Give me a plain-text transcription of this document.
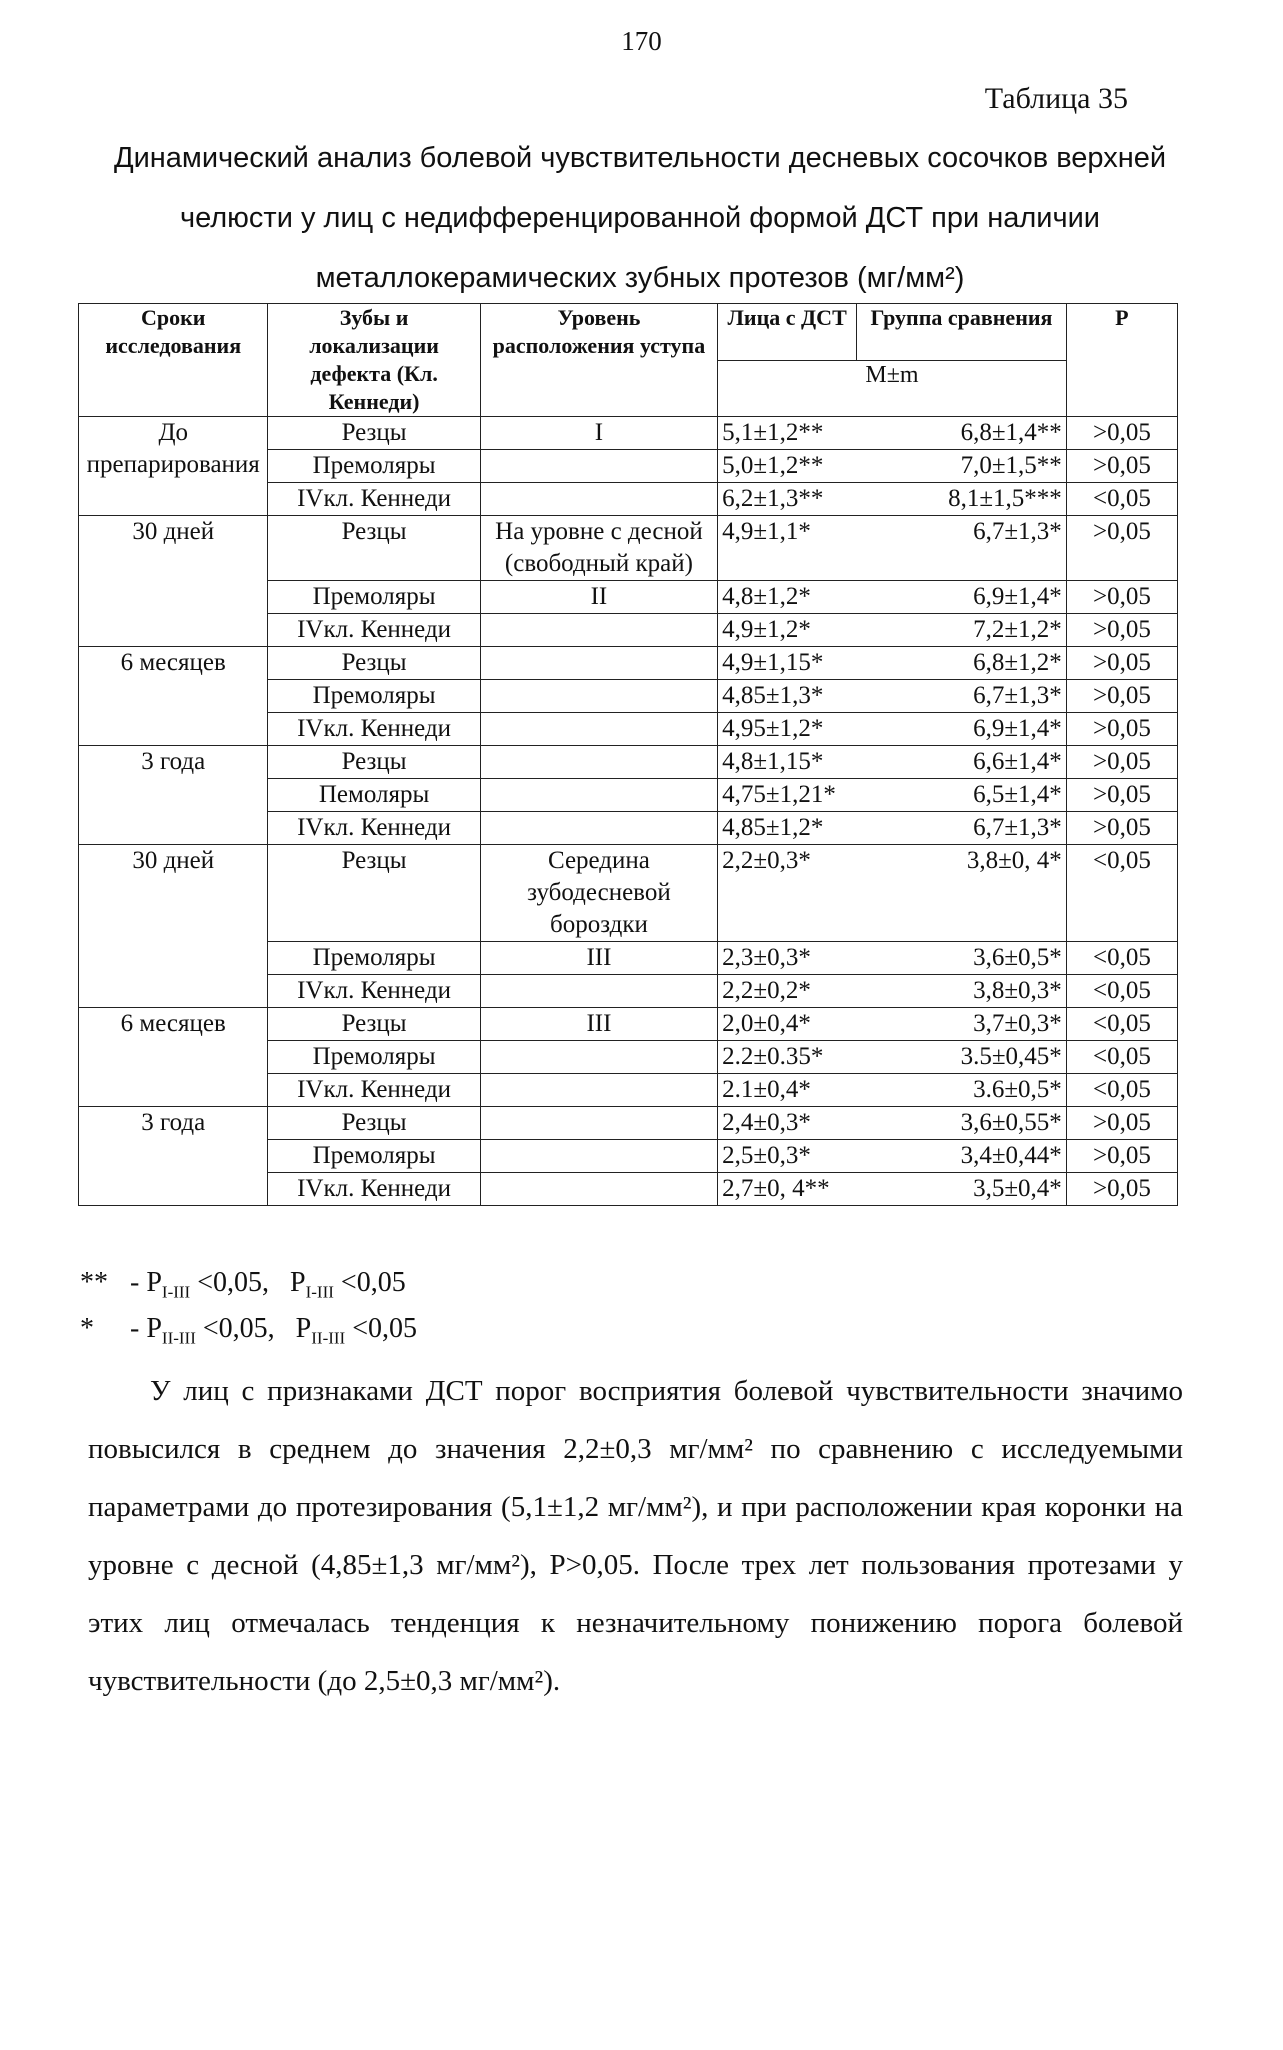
170
Таблица 35
Динамический анализ болевой чувствительности десневых сосочков верхней челюсти у лиц с недифференцированной формой ДСТ при наличии металлокерамических зубных протезов (мг/мм²)
Сроки исследования	Зубы и локализации дефекта (Кл. Кеннеди)	Уровень расположения уступа	Лица с ДСТ	Группа сравнения	P
			M±m		
До препарирования	Резцы	I	5,1±1,2**	6,8±1,4**	>0,05
	Премоляры		5,0±1,2**	7,0±1,5**	>0,05
	IVкл. Кеннеди		6,2±1,3**	8,1±1,5***	<0,05
30 дней	Резцы	На уровне с десной (свободный край)	4,9±1,1*	6,7±1,3*	>0,05
	Премоляры	II	4,8±1,2*	6,9±1,4*	>0,05
	IVкл. Кеннеди		4,9±1,2*	7,2±1,2*	>0,05
6 месяцев	Резцы		4,9±1,15*	6,8±1,2*	>0,05
	Премоляры		4,85±1,3*	6,7±1,3*	>0,05
	IVкл. Кеннеди		4,95±1,2*	6,9±1,4*	>0,05
3 года	Резцы		4,8±1,15*	6,6±1,4*	>0,05
	Пемоляры		4,75±1,21*	6,5±1,4*	>0,05
	IVкл. Кеннеди		4,85±1,2*	6,7±1,3*	>0,05
30 дней	Резцы	Середина зубодесневой бороздки	2,2±0,3*	3,8±0, 4*	<0,05
	Премоляры	III	2,3±0,3*	3,6±0,5*	<0,05
	IVкл. Кеннеди		2,2±0,2*	3,8±0,3*	<0,05
6 месяцев	Резцы	III	2,0±0,4*	3,7±0,3*	<0,05
	Премоляры		2.2±0.35*	3.5±0,45*	<0,05
	IVкл. Кеннеди		2.1±0,4*	3.6±0,5*	<0,05
3 года	Резцы		2,4±0,3*	3,6±0,55*	>0,05
	Премоляры		2,5±0,3*	3,4±0,44*	>0,05
	IVкл. Кеннеди		2,7±0, 4**	3,5±0,4*	>0,05
** - $P_{I-III} <0,05$, $P_{I-III} <0,05$
* - $P_{II-III} <0,05$, $P_{II-III} <0,05$
У лиц с признаками ДСТ порог восприятия болевой чувствительности значимо повысился в среднем до значения 2,2±0,3 мг/мм² по сравнению с исследуемыми параметрами до протезирования (5,1±1,2 мг/мм²), и при расположении края коронки на уровне с десной (4,85±1,3 мг/мм²), P>0,05. После трех лет пользования протезами у этих лиц отмечалась тенденция к незначительному понижению порога болевой чувствительности (до 2,5±0,3 мг/мм²).
